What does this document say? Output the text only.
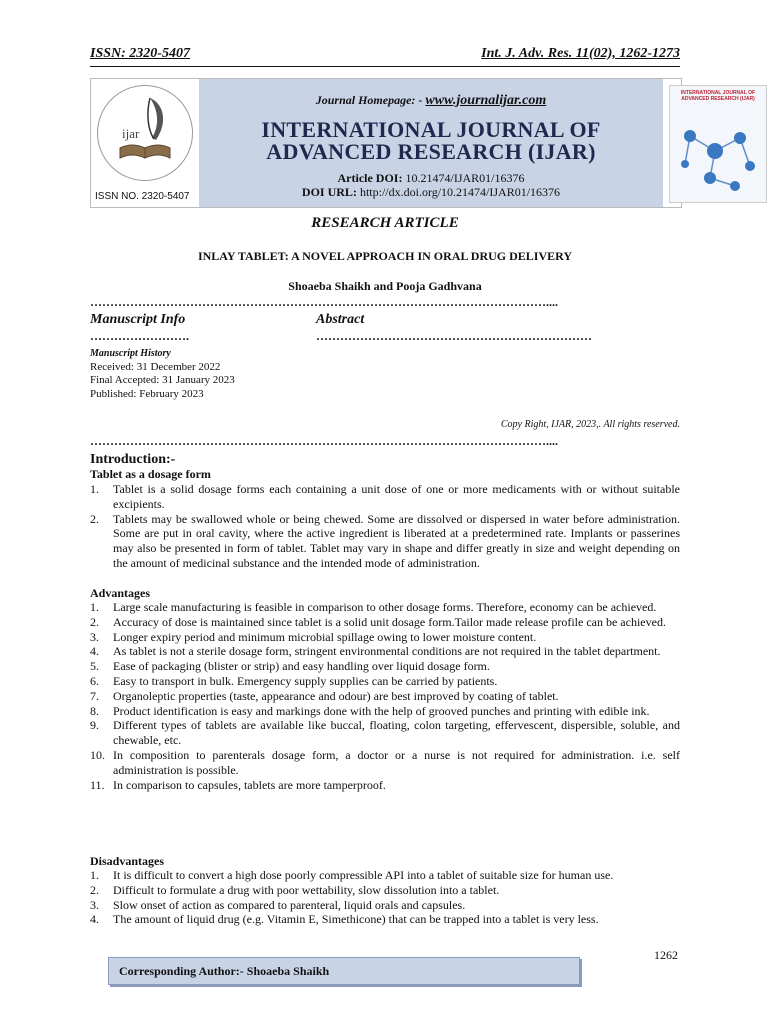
ISSN: 2320-5407	Int. J. Adv. Res. 11(02), 1262-1273
ijar
ISSN NO. 2320-5407
Journal Homepage: - www.journalijar.com
INTERNATIONAL JOURNAL OF
ADVANCED RESEARCH (IJAR)
Article DOI: 10.21474/IJAR01/16376
DOI URL: http://dx.doi.org/10.21474/IJAR01/16376
INTERNATIONAL JOURNAL OF ADVANCED RESEARCH (IJAR)
RESEARCH ARTICLE
INLAY TABLET: A NOVEL APPROACH IN ORAL DRUG DELIVERY
Shoaeba Shaikh and Pooja Gadhvana
……………………………………………………………………………………………………....
Manuscript Info	Abstract
…………………….	……………………………………………………………
Manuscript History
Received: 31 December 2022
Final Accepted: 31 January 2023
Published: February 2023
Copy Right, IJAR, 2023,. All rights reserved.
……………………………………………………………………………………………………....
Introduction:-
Tablet as a dosage form
1. Tablet is a solid dosage forms each containing a unit dose of one or more medicaments with or without suitable excipients.
2. Tablets may be swallowed whole or being chewed. Some are dissolved or dispersed in water before administration. Some are put in oral cavity, where the active ingredient is liberated at a predetermined rate. Implants or passerines may also be presented in form of tablet. Tablet may vary in shape and differ greatly in size and weight depending on the amount of medicinal substance and the intended mode of administration.
Advantages
1. Large scale manufacturing is feasible in comparison to other dosage forms. Therefore, economy can be achieved.
2. Accuracy of dose is maintained since tablet is a solid unit dosage form.Tailor made release profile can be achieved.
3. Longer expiry period and minimum microbial spillage owing to lower moisture content.
4. As tablet is not a sterile dosage form, stringent environmental conditions are not required in the tablet department.
5. Ease of packaging (blister or strip) and easy handling over liquid dosage form.
6. Easy to transport in bulk. Emergency supply supplies can be carried by patients.
7. Organoleptic properties (taste, appearance and odour) are best improved by coating of tablet.
8. Product identification is easy and markings done with the help of grooved punches and printing with edible ink.
9. Different types of tablets are available like buccal, floating, colon targeting, effervescent, dispersible, soluble, and chewable, etc.
10. In composition to parenterals dosage form, a doctor or a nurse is not required for administration. i.e. self administration is possible.
11. In comparison to capsules, tablets are more tamperproof.
Disadvantages
1. It is difficult to convert a high dose poorly compressible API into a tablet of suitable size for human use.
2. Difficult to formulate a drug with poor wettability, slow dissolution into a tablet.
3. Slow onset of action as compared to parenteral, liquid orals and capsules.
4. The amount of liquid drug (e.g. Vitamin E, Simethicone) that can be trapped into a tablet is very less.
1262
Corresponding Author:- Shoaeba Shaikh
